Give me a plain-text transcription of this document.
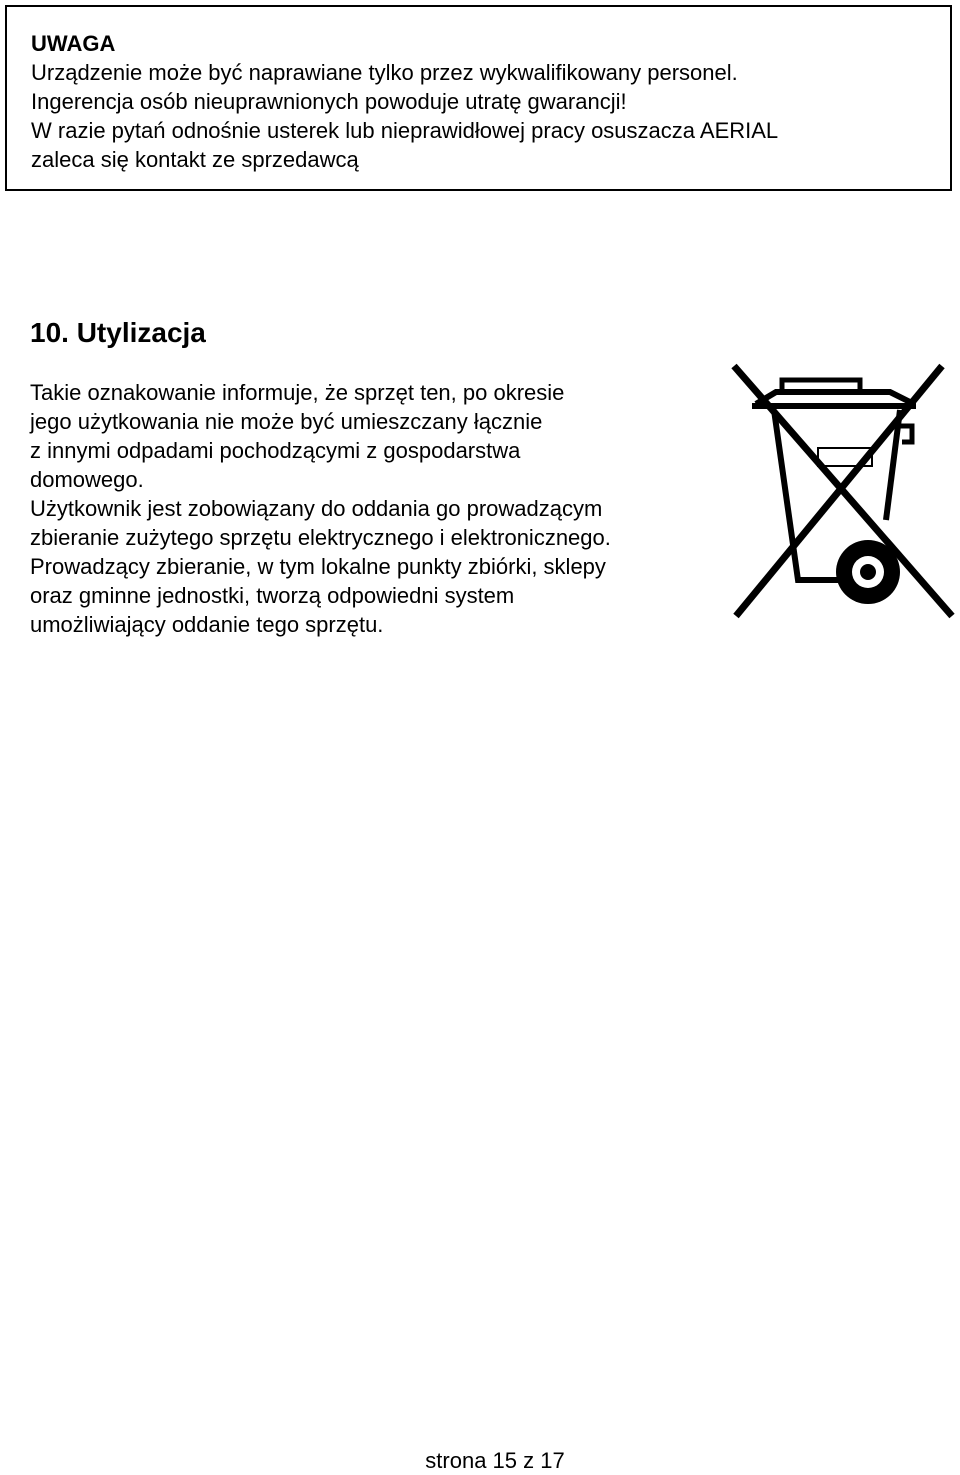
UWAGA

Urządzenie może być naprawiane tylko przez wykwalifikowany personel.

Ingerencja osób nieuprawnionych powoduje utratę gwarancji!

W razie pytań odnośnie usterek lub nieprawidłowej pracy osuszacza AERIAL

zaleca się kontakt ze sprzedawcą

10. Utylizacja

Takie oznakowanie informuje, że sprzęt ten, po okresie

jego użytkowania nie może być umieszczany łącznie

z innymi odpadami pochodzącymi z gospodarstwa

domowego.

Użytkownik jest zobowiązany do oddania go prowadzącym

zbieranie zużytego sprzętu elektrycznego i elektronicznego.

Prowadzący zbieranie, w tym lokalne punkty zbiórki, sklepy

oraz gminne jednostki, tworzą odpowiedni system

umożliwiający oddanie tego sprzętu.

strona 15 z 17
